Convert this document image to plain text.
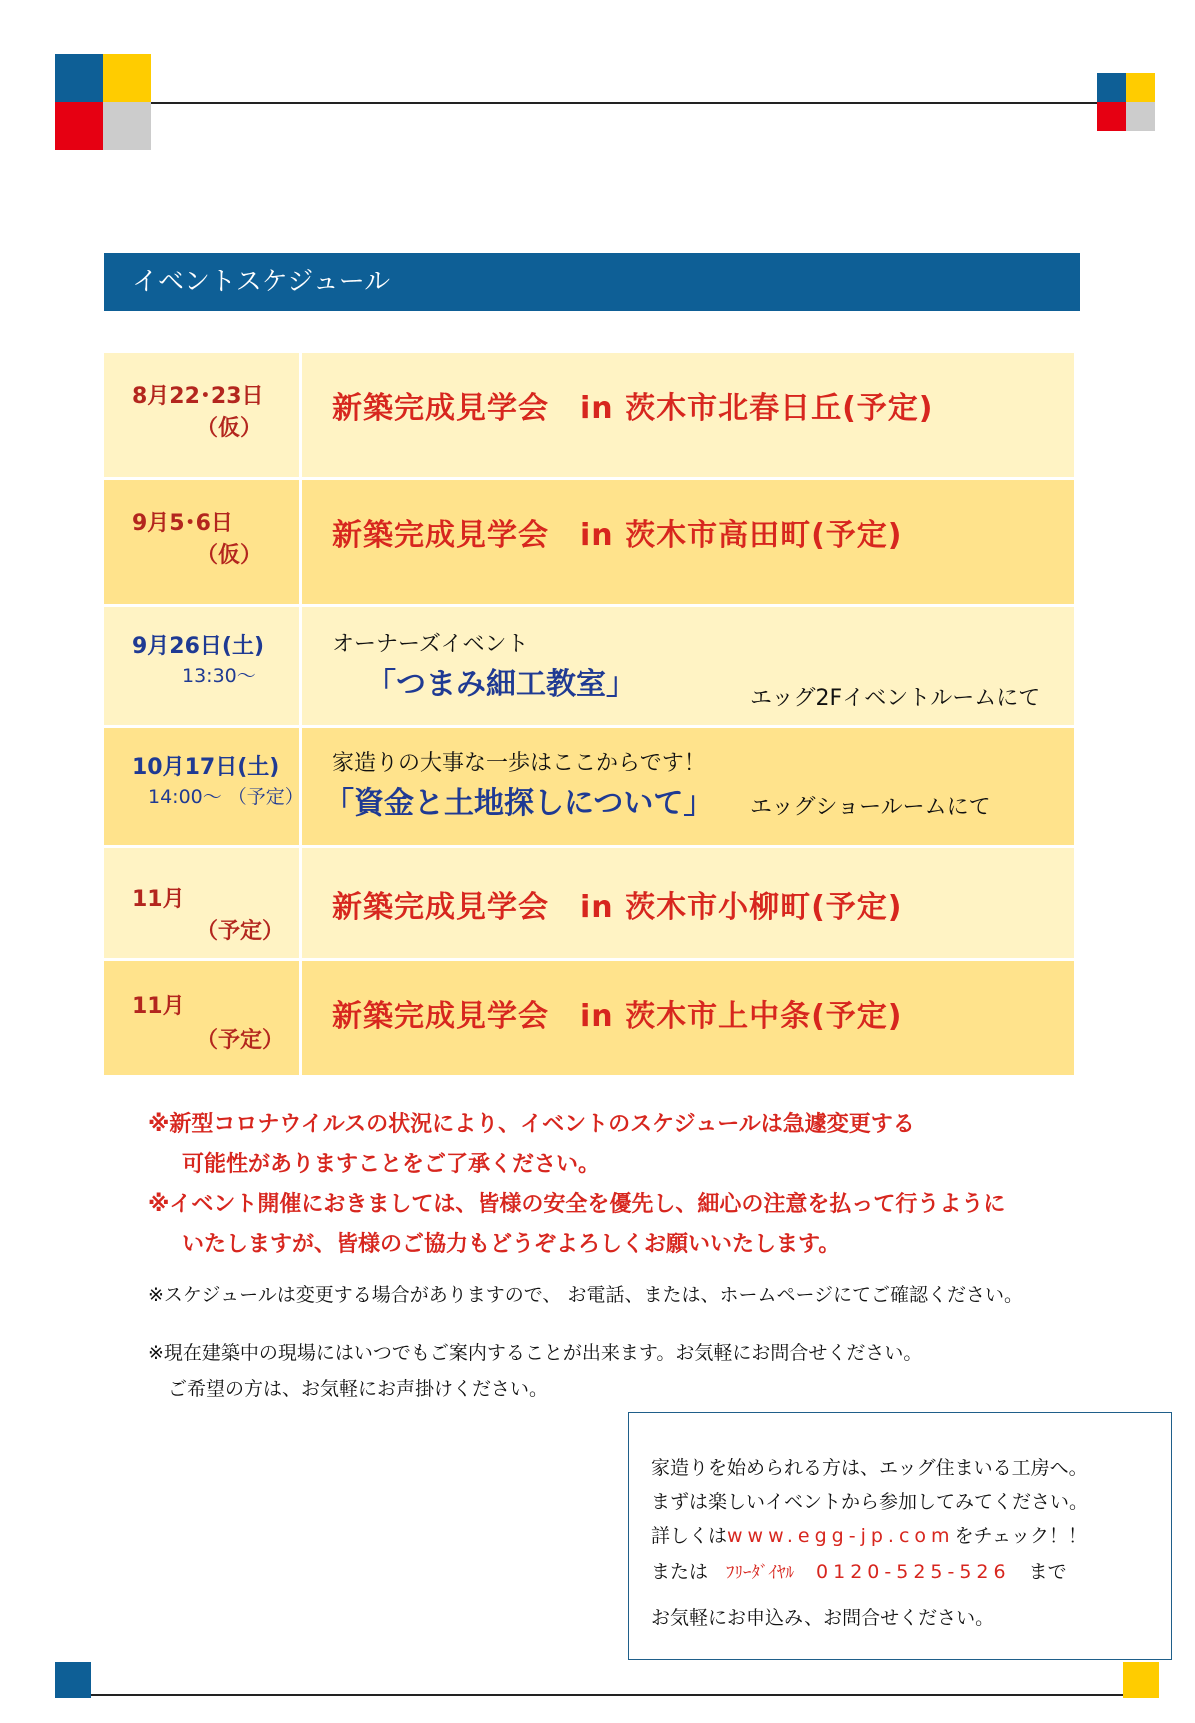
イベントスケジュール
8月22･23日
（仮）
新築完成見学会　in 茨木市北春日丘(予定)
9月5･6日
（仮）
新築完成見学会　in 茨木市高田町(予定)
9月26日(土)
13:30～
オーナーズイベント
「つまみ細工教室」	エッグ2Fイベントルームにて
10月17日(土)
14:00～ （予定）
家造りの大事な一歩はここからです！
「資金と土地探しについて」 エッグショールームにて
11月
（予定）
新築完成見学会　in 茨木市小柳町(予定)
11月
（予定）
新築完成見学会　in 茨木市上中条(予定)
※新型コロナウイルスの状況により、イベントのスケジュールは急遽変更する
可能性がありますことをご了承ください。
※イベント開催におきましては、皆様の安全を優先し、細心の注意を払って行うように
いたしますが、皆様のご協力もどうぞよろしくお願いいたします。
※スケジュールは変更する場合がありますので、 お電話、または、ホームページにてご確認ください。
※現在建築中の現場にはいつでもご案内することが出来ます。お気軽にお問合せください。
ご希望の方は、お気軽にお声掛けください。
家造りを始められる方は、エッグ住まいる工房へ。
まずは楽しいイベントから参加してみてください。
詳しくはwww.egg-jp.comをチェック！！
または ﾌﾘｰﾀﾞｲﾔﾙ 0120-525-526 まで
お気軽にお申込み、お問合せください。
